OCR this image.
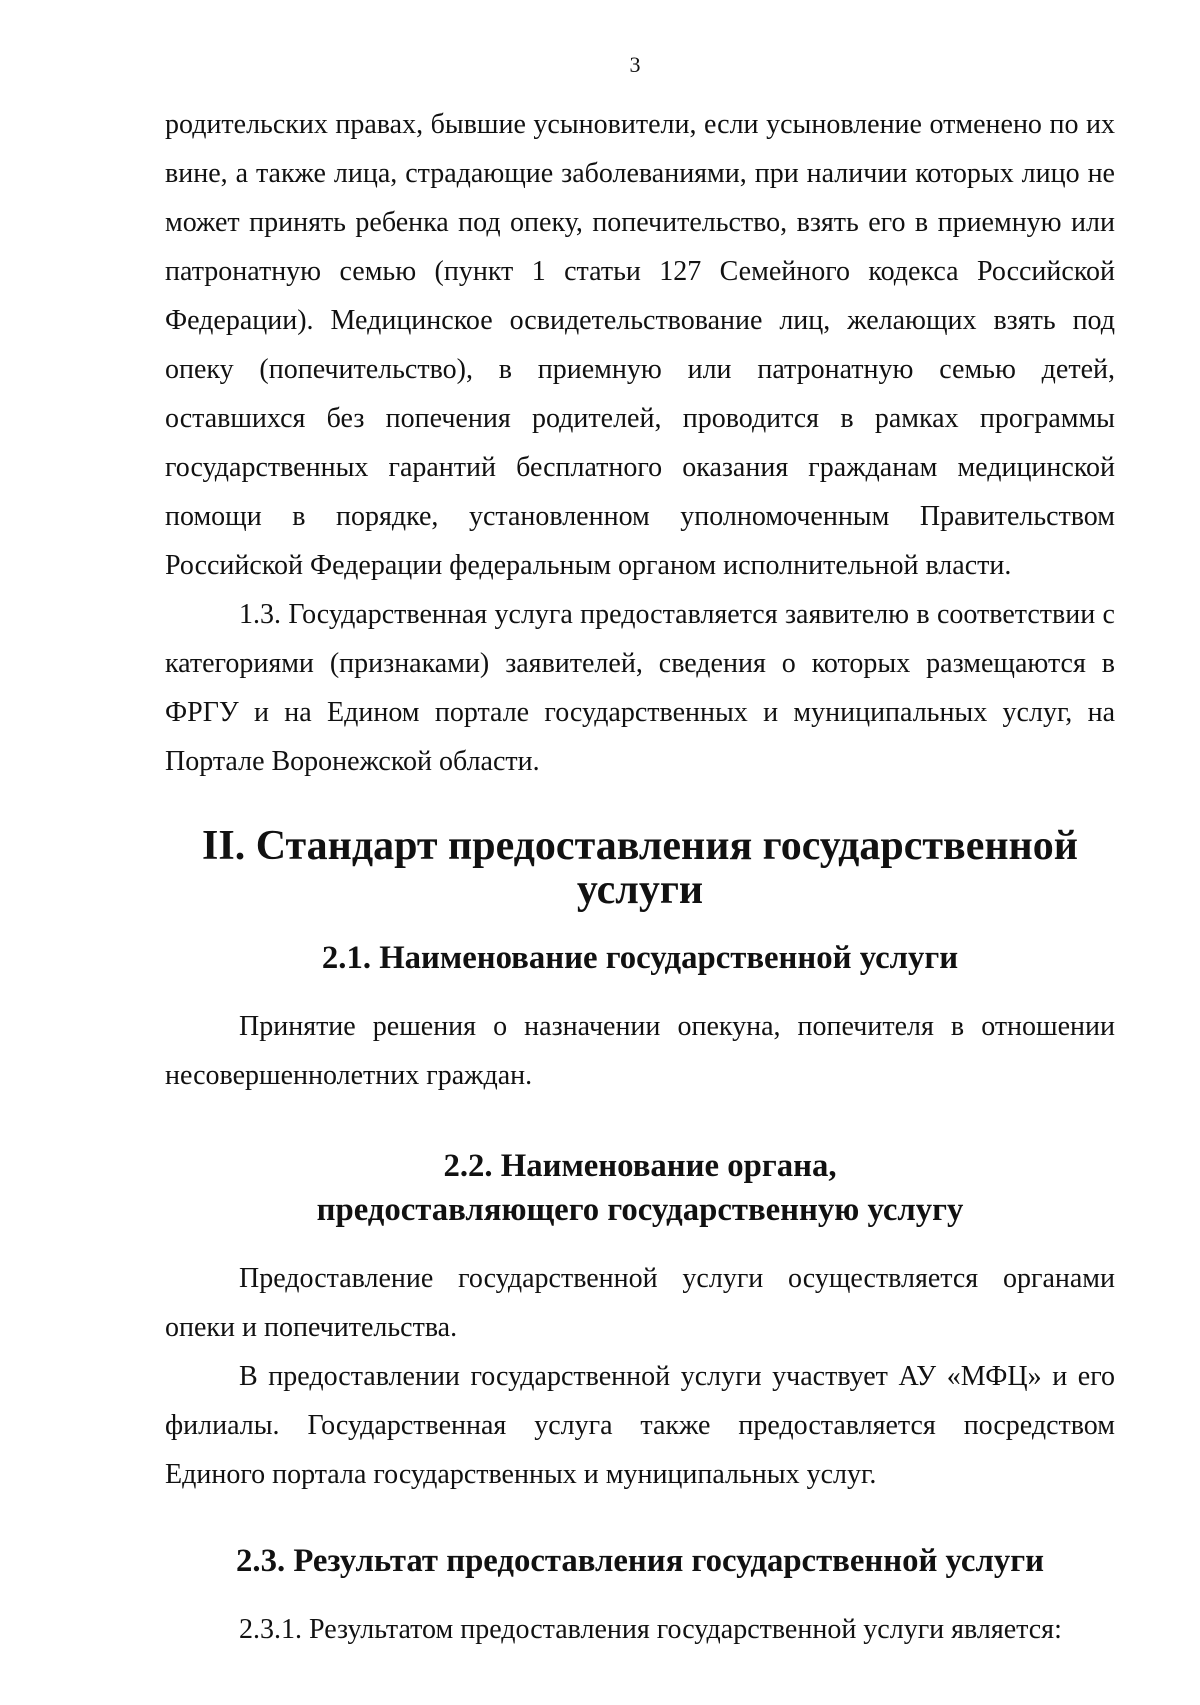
3

родительских правах, бывшие усыновители, если усыновление отменено по их вине, а также лица, страдающие заболеваниями, при наличии которых лицо не может принять ребенка под опеку, попечительство, взять его в приемную или патронатную семью (пункт 1 статьи 127 Семейного кодекса Российской Федерации). Медицинское освидетельствование лиц, желающих взять под опеку (попечительство), в приемную или патронатную семью детей, оставшихся без попечения родителей, проводится в рамках программы государственных гарантий бесплатного оказания гражданам медицинской помощи в порядке, установленном уполномоченным Правительством Российской Федерации федеральным органом исполнительной власти.

1.3. Государственная услуга предоставляется заявителю в соответствии с категориями (признаками) заявителей, сведения о которых размещаются в ФРГУ и на Едином портале государственных и муниципальных услуг, на Портале Воронежской области.

II. Стандарт предоставления государственной услуги
2.1. Наименование государственной услуги

Принятие решения о назначении опекуна, попечителя в отношении несовершеннолетних граждан.

2.2. Наименование органа,
предоставляющего государственную услугу

Предоставление государственной услуги осуществляется органами опеки и попечительства.

В предоставлении государственной услуги участвует АУ «МФЦ» и его филиалы. Государственная услуга также предоставляется посредством Единого портала государственных и муниципальных услуг.

2.3. Результат предоставления государственной услуги

2.3.1. Результатом предоставления государственной услуги является:
